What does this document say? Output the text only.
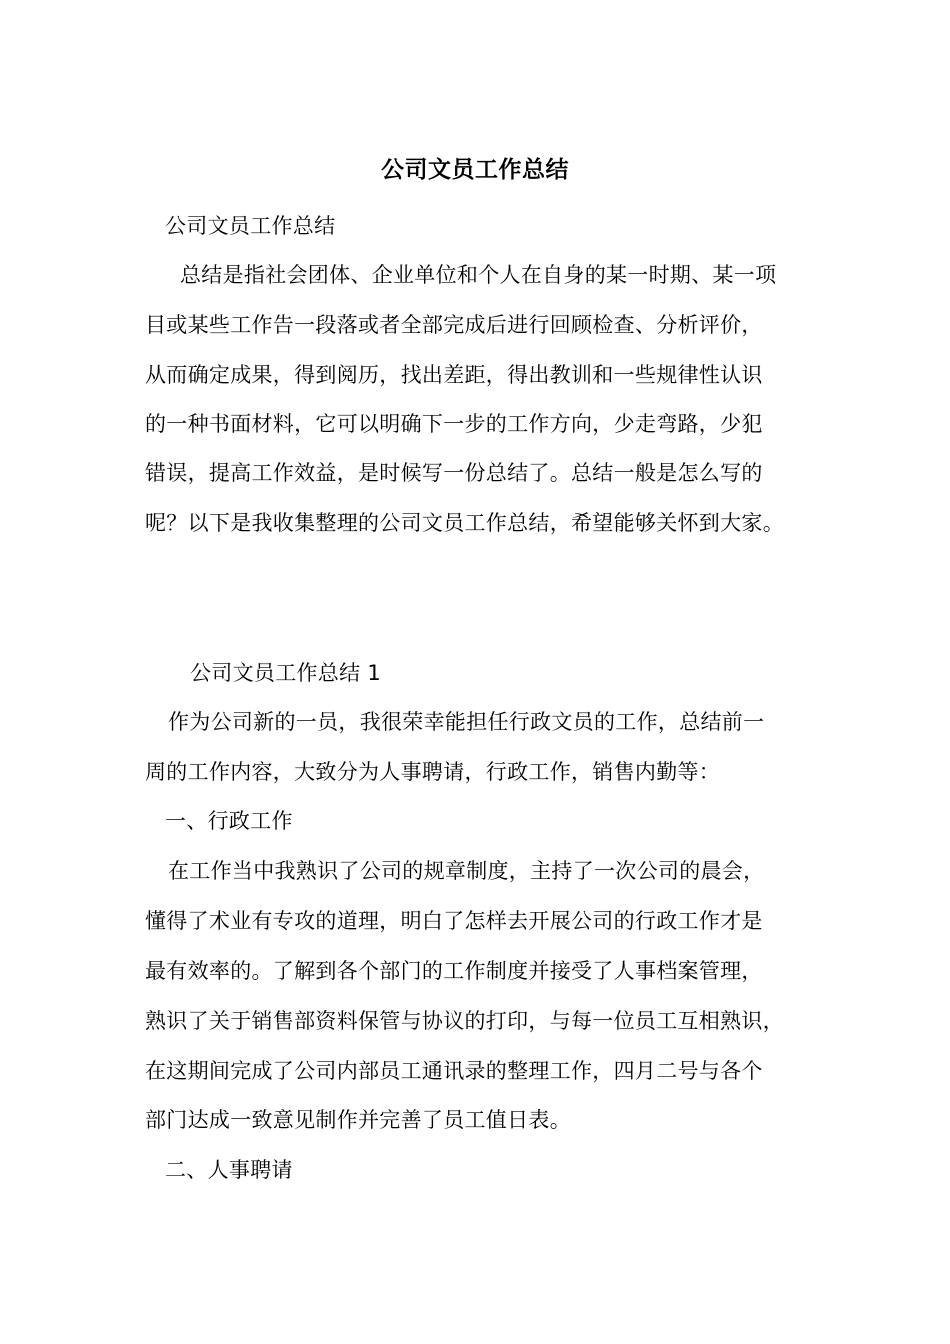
公司文员工作总结
公司文员工作总结
总结是指社会团体、企业单位和个人在自身的某一时期、某一项
目或某些工作告一段落或者全部完成后进行回顾检查、分析评价，
从而确定成果，得到阅历，找出差距，得出教训和一些规律性认识
的一种书面材料，它可以明确下一步的工作方向，少走弯路，少犯
错误，提高工作效益，是时候写一份总结了。总结一般是怎么写的
呢？以下是我收集整理的公司文员工作总结，希望能够关怀到大家。
公司文员工作总结 1
作为公司新的一员，我很荣幸能担任行政文员的工作，总结前一
周的工作内容，大致分为人事聘请，行政工作，销售内勤等：
一、行政工作
在工作当中我熟识了公司的规章制度，主持了一次公司的晨会，
懂得了术业有专攻的道理，明白了怎样去开展公司的行政工作才是
最有效率的。了解到各个部门的工作制度并接受了人事档案管理，
熟识了关于销售部资料保管与协议的打印，与每一位员工互相熟识，
在这期间完成了公司内部员工通讯录的整理工作，四月二号与各个
部门达成一致意见制作并完善了员工值日表。
二、人事聘请
